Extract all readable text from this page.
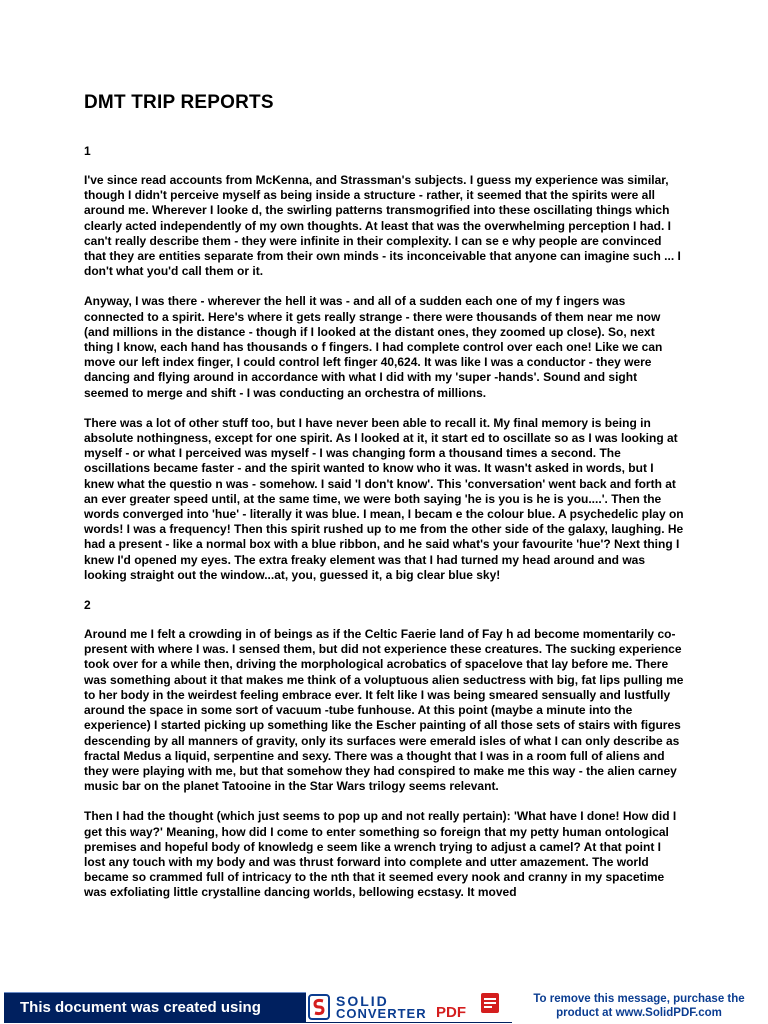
DMT TRIP REPORTS
1

I've since read accounts from McKenna, and Strassman's subjects. I guess my experience was similar, though I didn't perceive myself as being inside a structure - rather, it seemed that the spirits were all around me. Wherever I looke d, the swirling patterns transmogrified into these oscillating things which clearly acted independently of my own thoughts. At least that was the overwhelming perception I had. I can't really describe them - they were infinite in their complexity. I can se e why people are convinced that they are entities separate from their own minds - its inconceivable that anyone can imagine such ... I don't what you'd call them or it.

Anyway, I was there - wherever the hell it was - and all of a sudden each one of my f ingers was connected to a spirit. Here's where it gets really strange - there were thousands of them near me now (and millions in the distance - though if I looked at the distant ones, they zoomed up close). So, next thing I know, each hand has thousands o f fingers. I had complete control over each one! Like we can move our left index finger, I could control left finger 40,624. It was like I was a conductor - they were dancing and flying around in accordance with what I did with my 'super -hands'. Sound and sight seemed to merge and shift - I was conducting an orchestra of millions.

There was a lot of other stuff too, but I have never been able to recall it. My final memory is being in absolute nothingness, except for one spirit. As I looked at it, it start ed to oscillate so as I was looking at myself - or what I perceived was myself - I was changing form a thousand times a second. The oscillations became faster - and the spirit wanted to know who it was. It wasn't asked in words, but I knew what the questio n was - somehow. I said 'I don't know'. This 'conversation' went back and forth at an ever greater speed until, at the same time, we were both saying 'he is you is he is you....'. Then the words converged into 'hue' - literally it was blue. I mean, I becam e the colour blue. A psychedelic play on words! I was a frequency! Then this spirit rushed up to me from the other side of the galaxy, laughing. He had a present - like a normal box with a blue ribbon, and he said what's your favourite 'hue'? Next thing I knew I'd opened my eyes. The extra freaky element was that I had turned my head around and was looking straight out the window...at, you, guessed it, a big clear blue sky!

2

Around me I felt a crowding in of beings as if the Celtic Faerie land of Fay h ad become momentarily co-present with where I was. I sensed them, but did not experience these creatures. The sucking experience took over for a while then, driving the morphological acrobatics of spacelove that lay before me. There was something about it that makes me think of a voluptuous alien seductress with big, fat lips pulling me to her body in the weirdest feeling embrace ever. It felt like I was being smeared sensually and lustfully around the space in some sort of vacuum -tube funhouse. At this point (maybe a minute into the experience) I started picking up something like the Escher painting of all those sets of stairs with figures descending by all manners of gravity, only its surfaces were emerald isles of what I can only describe as fractal Medus a liquid, serpentine and sexy. There was a thought that I was in a room full of aliens and they were playing with me, but that somehow they had conspired to make me this way - the alien carney music bar on the planet Tatooine in the Star Wars trilogy seems relevant.

Then I had the thought (which just seems to pop up and not really pertain): 'What have I done! How did I get this way?' Meaning, how did I come to enter something so foreign that my petty human ontological premises and hopeful body of knowledg e seem like a wrench trying to adjust a camel? At that point I lost any touch with my body and was thrust forward into complete and utter amazement. The world became so crammed full of intricacy to the nth that it seemed every nook and cranny in my spacetime was exfoliating little crystalline dancing worlds, bellowing ecstasy. It moved

This document was created using	SOLID
CONVERTER PDF
To remove this message, purchase the
product at www.SolidPDF.com
